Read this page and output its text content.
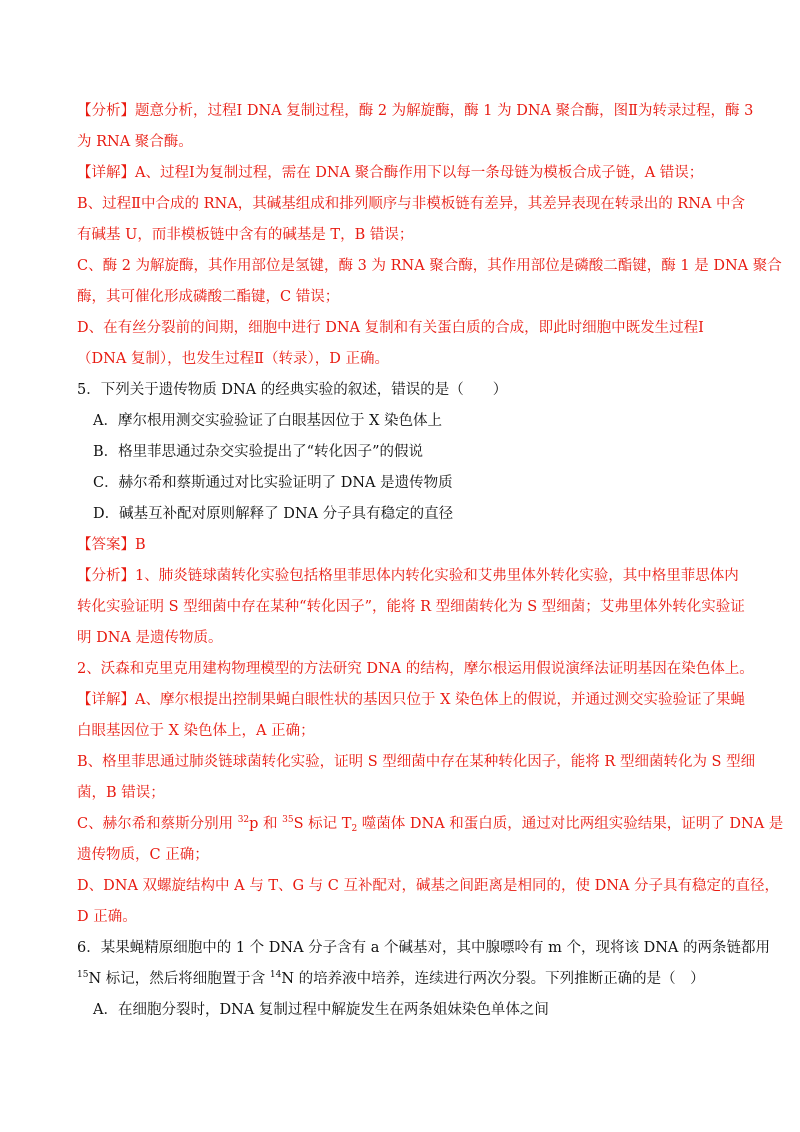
【分析】题意分析，过程Ⅰ DNA 复制过程，酶 2 为解旋酶，酶 1 为 DNA 聚合酶，图Ⅱ为转录过程，酶 3
为 RNA 聚合酶。
【详解】A、过程Ⅰ为复制过程，需在 DNA 聚合酶作用下以每一条母链为模板合成子链，A 错误；
B、过程Ⅱ中合成的 RNA，其碱基组成和排列顺序与非模板链有差异，其差异表现在转录出的 RNA 中含
有碱基 U，而非模板链中含有的碱基是 T，B 错误；
C、酶 2 为解旋酶，其作用部位是氢键，酶 3 为 RNA 聚合酶，其作用部位是磷酸二酯键，酶 1 是 DNA 聚合
酶，其可催化形成磷酸二酯键，C 错误；
D、在有丝分裂前的间期，细胞中进行 DNA 复制和有关蛋白质的合成，即此时细胞中既发生过程Ⅰ
（DNA 复制），也发生过程Ⅱ（转录），D 正确。
5．下列关于遗传物质 DNA 的经典实验的叙述，错误的是（　　）
A．摩尔根用测交实验验证了白眼基因位于 X 染色体上
B．格里菲思通过杂交实验提出了“转化因子”的假说
C．赫尔希和蔡斯通过对比实验证明了 DNA 是遗传物质
D．碱基互补配对原则解释了 DNA 分子具有稳定的直径
【答案】B
【分析】1、肺炎链球菌转化实验包括格里菲思体内转化实验和艾弗里体外转化实验，其中格里菲思体内
转化实验证明 S 型细菌中存在某种“转化因子”，能将 R 型细菌转化为 S 型细菌；艾弗里体外转化实验证
明 DNA 是遗传物质。
2、沃森和克里克用建构物理模型的方法研究 DNA 的结构，摩尔根运用假说演绎法证明基因在染色体上。
【详解】A、摩尔根提出控制果蝇白眼性状的基因只位于 X 染色体上的假说，并通过测交实验验证了果蝇
白眼基因位于 X 染色体上，A 正确；
B、格里菲思通过肺炎链球菌转化实验，证明 S 型细菌中存在某种转化因子，能将 R 型细菌转化为 S 型细
菌，B 错误；
C、赫尔希和蔡斯分别用 $^{32}$p 和 $^{35}$S 标记 $T_2$ 噬菌体 DNA 和蛋白质，通过对比两组实验结果，证明了 DNA 是
遗传物质，C 正确；
D、DNA 双螺旋结构中 A 与 T、G 与 C 互补配对，碱基之间距离是相同的，使 DNA 分子具有稳定的直径，
D 正确。
6．某果蝇精原细胞中的 1 个 DNA 分子含有 a 个碱基对，其中腺嘌呤有 m 个，现将该 DNA 的两条链都用
$^{15}$N 标记，然后将细胞置于含 $^{14}$N 的培养液中培养，连续进行两次分裂。下列推断正确的是（　）
A．在细胞分裂时，DNA 复制过程中解旋发生在两条姐妹染色单体之间
